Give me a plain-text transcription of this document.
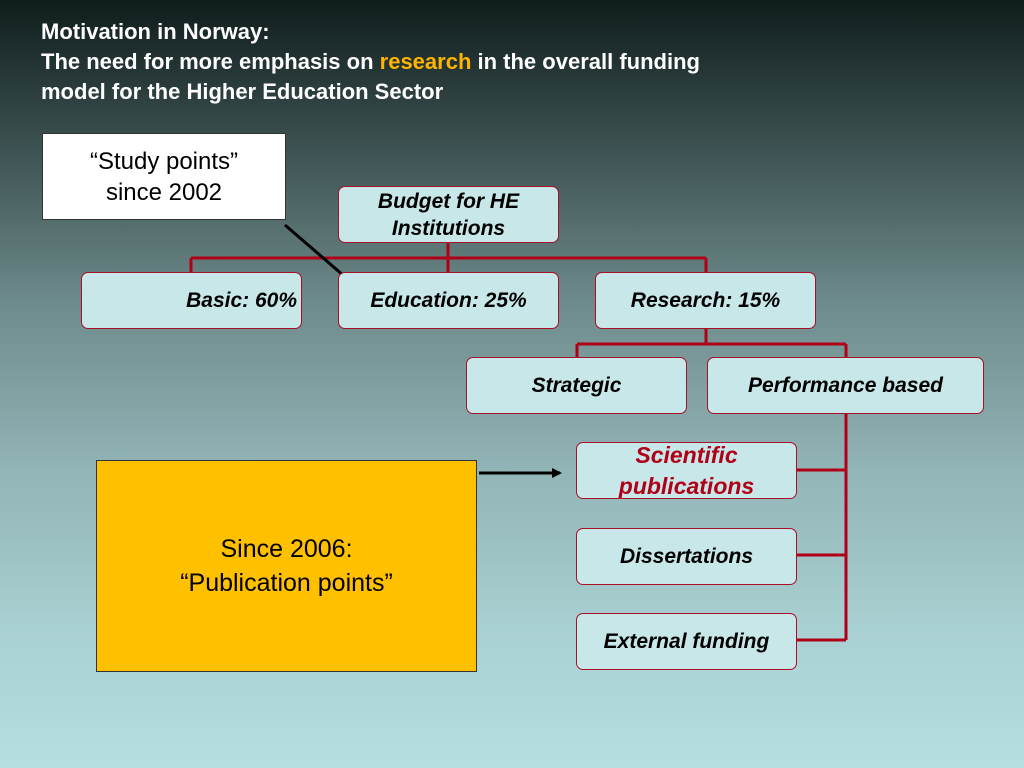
Motivation in Norway:
The need for more emphasis on research in the overall funding
model for the Higher Education Sector
“Study points”
since 2002	Budget for HE
Institutions
Basic: 60%	Education: 25%	Research: 15%
Strategic	Performance based
Scientific
publications
Dissertations
External funding
Since 2006:
“Publication points”
